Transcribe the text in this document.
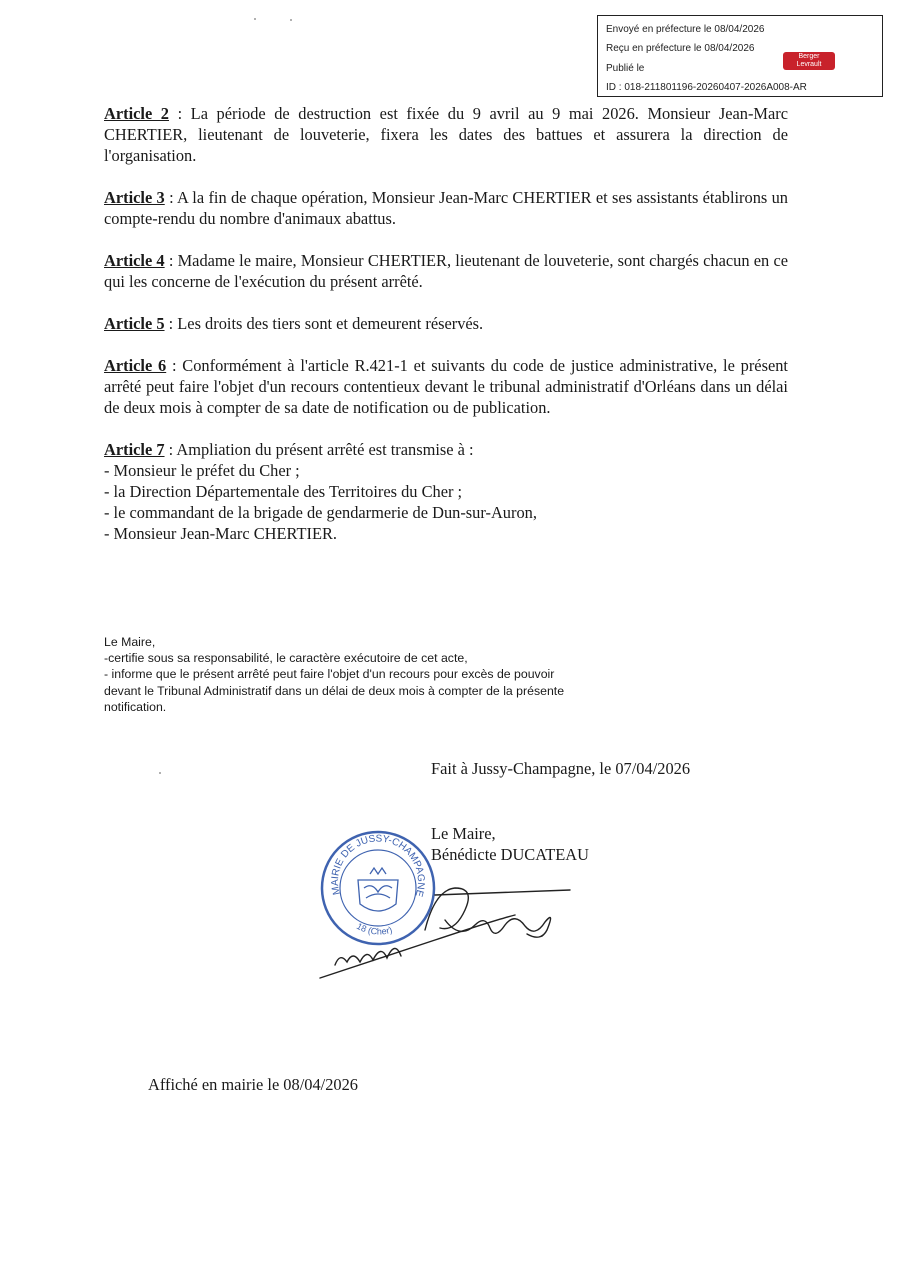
Envoyé en préfecture le 08/04/2026
Reçu en préfecture le 08/04/2026
Publié le
ID : 018-211801196-20260407-2026A008-AR
Berger
Levrault

Article 2 : La période de destruction est fixée du 9 avril au 9 mai 2026. Monsieur Jean-Marc CHERTIER, lieutenant de louveterie, fixera les dates des battues et assurera la direction de l'organisation.

Article 3 : A la fin de chaque opération, Monsieur Jean-Marc CHERTIER et ses assistants établirons un compte-rendu du nombre d'animaux abattus.

Article 4 : Madame le maire, Monsieur CHERTIER, lieutenant de louveterie, sont chargés chacun en ce qui les concerne de l'exécution du présent arrêté.

Article 5 : Les droits des tiers sont et demeurent réservés.

Article 6 : Conformément à l'article R.421-1 et suivants du code de justice administrative, le présent arrêté peut faire l'objet d'un recours contentieux devant le tribunal administratif d'Orléans dans un délai de deux mois à compter de sa date de notification ou de publication.

Article 7 : Ampliation du présent arrêté est transmise à :
- Monsieur le préfet du Cher ;
- la Direction Départementale des Territoires du Cher ;
- le commandant de la brigade de gendarmerie de Dun-sur-Auron,
- Monsieur Jean-Marc CHERTIER.
Le Maire,
-certifie sous sa responsabilité, le caractère exécutoire de cet acte,
- informe que le présent arrêté peut faire l'objet d'un recours pour excès de pouvoir
devant le Tribunal Administratif dans un délai de deux mois à compter de la présente
notification.
Fait à Jussy-Champagne, le 07/04/2026
Le Maire,
Bénédicte DUCATEAU
MAIRIE DE JUSSY-CHAMPAGNE
18 (Cher)
Affiché en mairie le 08/04/2026
